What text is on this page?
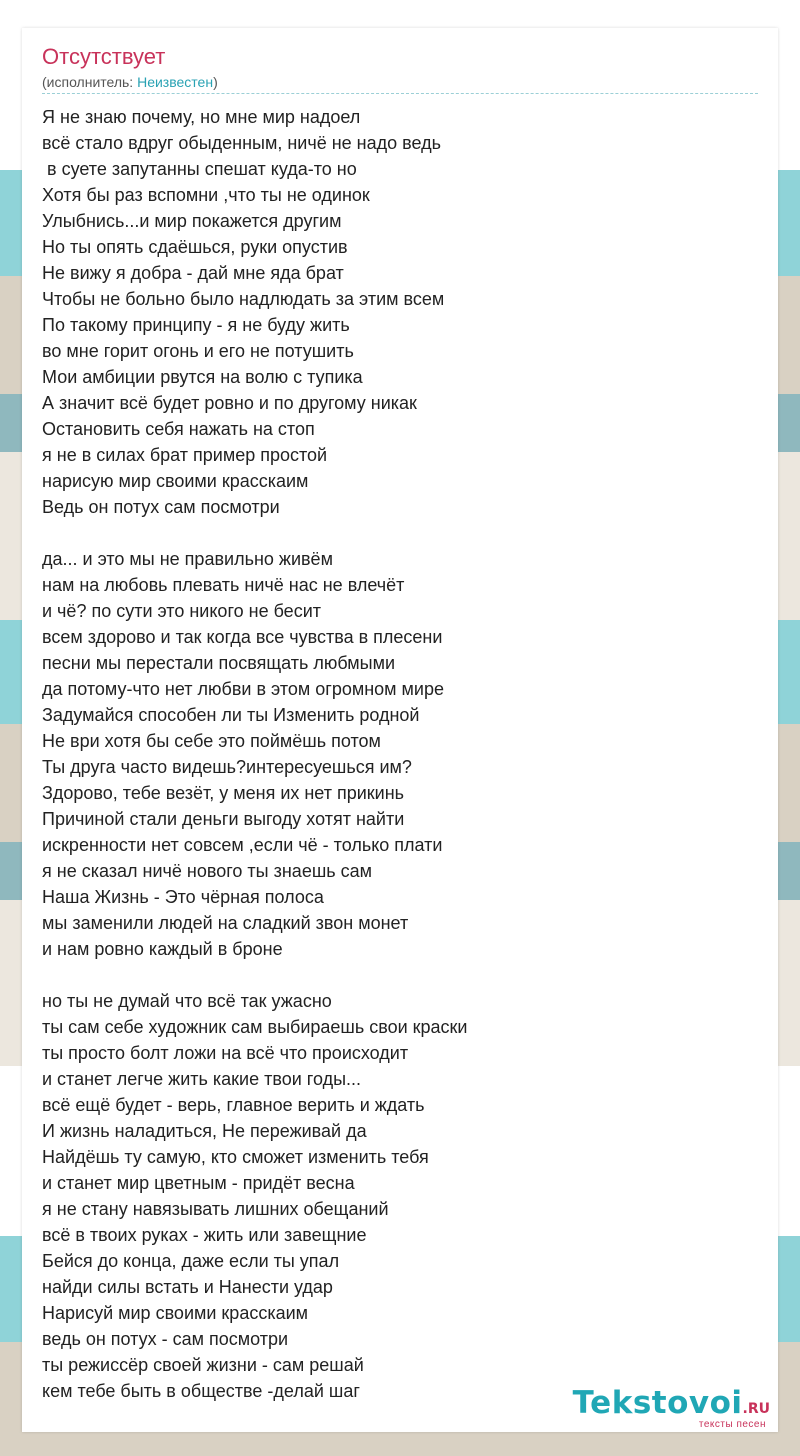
Отсутствует
(исполнитель: Неизвестен)
Я не знаю почему, но мне мир надоел
всё стало вдруг обыденным, ничё не надо ведь
в суете запутанны спешат куда-то но
Хотя бы раз вспомни ,что ты не одинок
Улыбнись...и мир покажется другим
Но ты опять сдаёшься, руки опустив
Не вижу я добра - дай мне яда брат
Чтобы не больно было надлюдать за этим всем
По такому принципу - я не буду жить
во мне горит огонь и его не потушить
Мои амбиции рвутся на волю с тупика
А значит всё будет ровно и по другому никак
Остановить себя нажать на стоп
я не в силах брат пример простой
нарисую мир своими красскаим
Ведь он потух сам посмотри
да... и это мы не правильно живём
нам на любовь плевать ничё нас не влечёт
и чё? по сути это никого не бесит
всем здорово и так когда все чувства в плесени
песни мы перестали посвящать любмыми
да потому-что нет любви в этом огромном мире
Задумайся способен ли ты Изменить родной
Не ври хотя бы себе это поймёшь потом
Ты друга часто видешь?интересуешься им?
Здорово, тебе везёт, у меня их нет прикинь
Причиной стали деньги выгоду хотят найти
искренности нет совсем ,если чё - только плати
я не сказал ничё нового ты знаешь сам
Наша Жизнь - Это чёрная полоса
мы заменили людей на сладкий звон монет
и нам ровно каждый в броне
но ты не думай что всё так ужасно
ты сам себе художник сам выбираешь свои краски
ты просто болт ложи на всё что происходит
и станет легче жить какие твои годы...
всё ещё будет - верь, главное верить и ждать
И жизнь наладиться, Не переживай да
Найдёшь ту самую, кто сможет изменить тебя
и станет мир цветным - придёт весна
я не стану навязывать лишних обещаний
всё в твоих руках - жить или завещние
Бейся до конца, даже если ты упал
найди силы встать и Нанести удар
Нарисуй мир своими красскаим
ведь он потух - сам посмотри
ты режиссёр своей жизни - сам решай
кем тебе быть в обществе -делай шаг	Tekstovoi.RU
тексты песен
